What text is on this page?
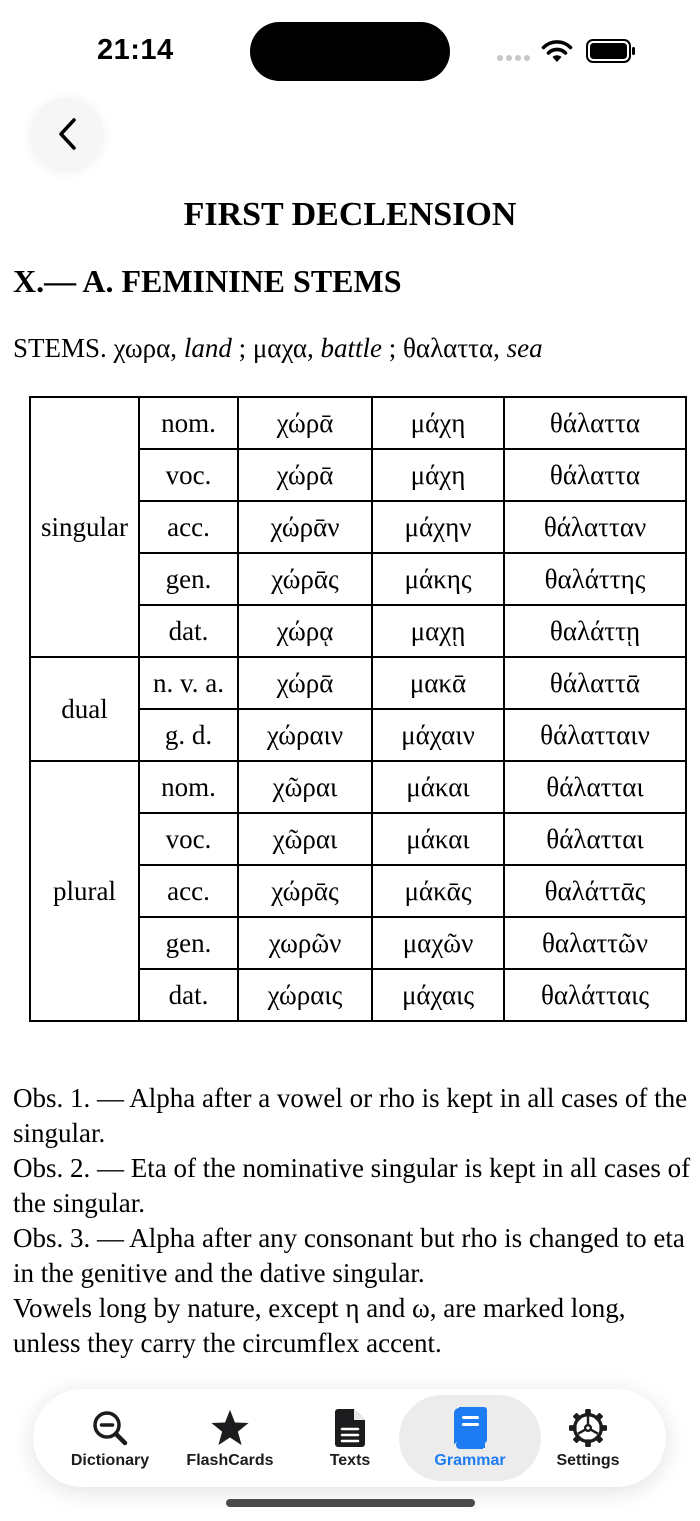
21:14
FIRST DECLENSION
X.— A. FEMININE STEMS
STEMS. χωρα, land ; μαχα, battle ; θαλαττα, sea
singular	nom.	χώρᾱ	μάχη	θάλαττα
	voc.	χώρᾱ	μάχη	θάλαττα
	acc.	χώρᾱν	μάχην	θάλατταν
	gen.	χώρᾱς	μάκης	θαλάττης
	dat.	χώρᾳ	μαχῃ	θαλάττῃ
dual	n. v. a.	χώρᾱ	μακᾱ	θάλαττᾱ
	g. d.	χώραιν	μάχαιν	θάλατταιν
plural	nom.	χῶραι	μάκαι	θάλατται
	voc.	χῶραι	μάκαι	θάλατται
	acc.	χώρᾱς	μάκᾱς	θαλάττᾱς
	gen.	χωρῶν	μαχῶν	θαλαττῶν
	dat.	χώραις	μάχαις	θαλάτταις
Obs. 1. — Alpha after a vowel or rho is kept in all cases of the singular.
Obs. 2. — Eta of the nominative singular is kept in all cases of the singular.
Obs. 3. — Alpha after any consonant but rho is changed to eta in the genitive and the dative singular.
Vowels long by nature, except η and ω, are marked long, unless they carry the circumflex accent.
Dictionary FlashCards	Texts	Grammar	Settings
